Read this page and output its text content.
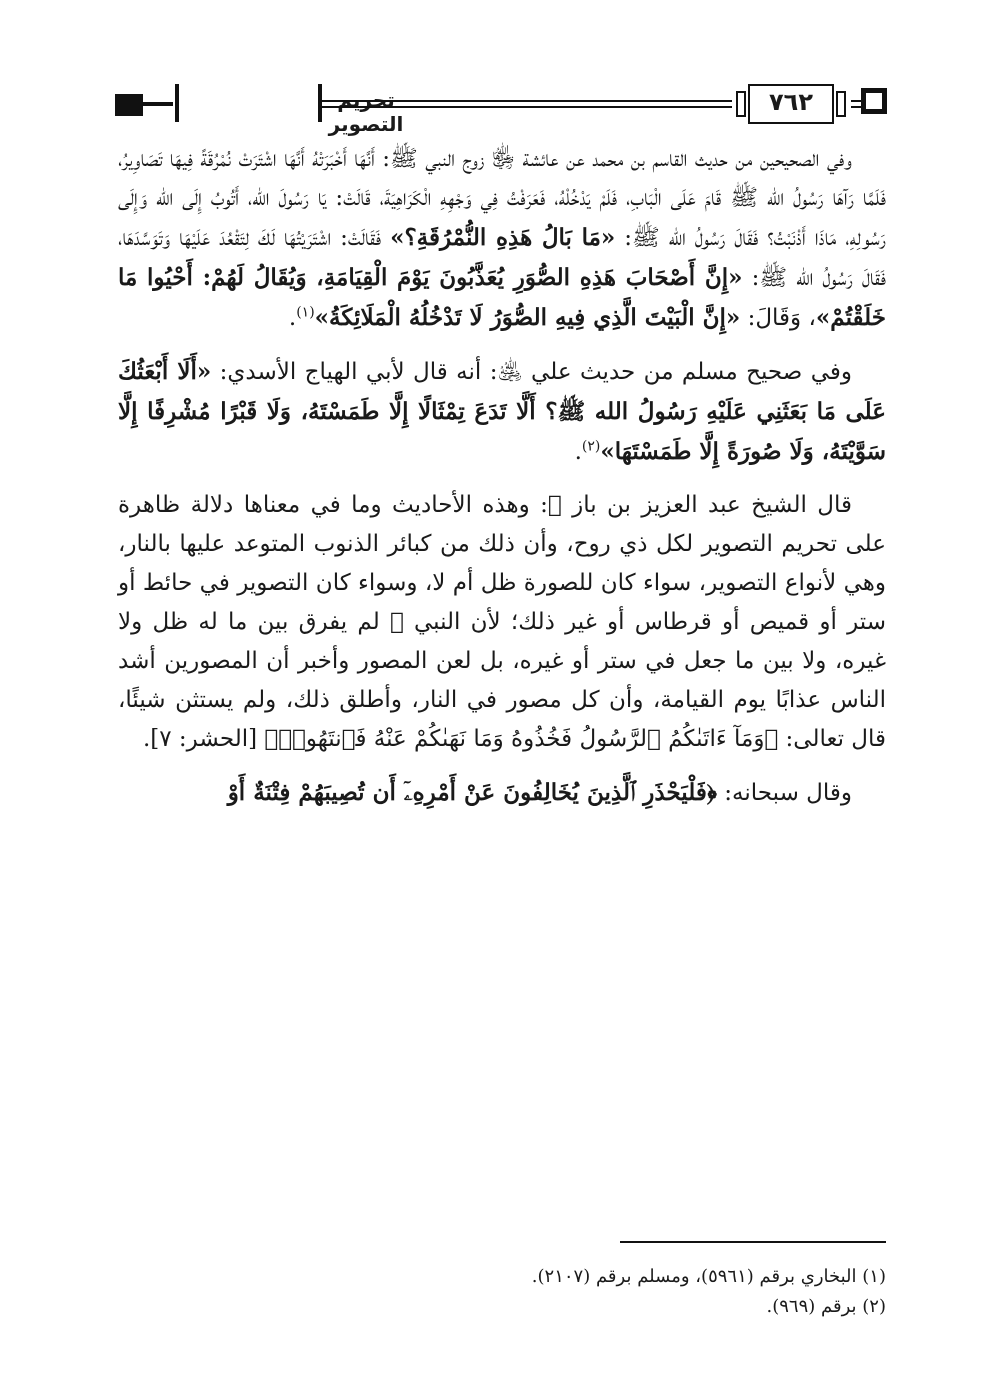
تحريم التصوير
٧٦٢

وفي الصحيحين من حديث القاسم بن محمد عن عائشة ﵂ زوج النبي ﷺ: أَنَّهَا أَخْبَرَتْهُ أَنَّهَا اشْتَرَتْ نُمْرُقَةً فِيهَا تَصَاوِيرُ، فَلَمَّا رَآهَا رَسُولُ الله ﷺ قَامَ عَلَى الْبَابِ، فَلَمْ يَدْخُلْهُ، فَعَرَفْتُ فِي وَجْهِهِ الْكَرَاهِيَةَ، قَالَتْ: يَا رَسُولَ الله، أَتُوبُ إِلَى الله وَإِلَى رَسُولِهِ، مَاذَا أَذْنَبْتُ؟ فَقَالَ رَسُولُ الله ﷺ: «مَا بَالُ هَذِهِ النُّمْرُقَةِ؟» فَقَالَتْ: اشْتَرَيْتُهَا لَكَ لِتَقْعُدَ عَلَيْهَا وَتَوَسَّدَهَا، فَقَالَ رَسُولُ الله ﷺ: «إِنَّ أَصْحَابَ هَذِهِ الصُّوَرِ يُعَذَّبُونَ يَوْمَ الْقِيَامَةِ، وَيُقَالُ لَهُمْ: أَحْيُوا مَا خَلَقْتُمْ»، وَقَالَ: «إِنَّ الْبَيْتَ الَّذِي فِيهِ الصُّوَرُ لَا تَدْخُلُهُ الْمَلَائِكَةُ»$^{(١)}$.

وفي صحيح مسلم من حديث علي ﵁: أنه قال لأبي الهياج الأسدي: «أَلَا أَبْعَثُكَ عَلَى مَا بَعَثَنِي عَلَيْهِ رَسُولُ الله ﷺ؟ أَلَّا تَدَعَ تِمْثَالًا إِلَّا طَمَسْتَهُ، وَلَا قَبْرًا مُشْرِفًا إِلَّا سَوَّيْتَهُ، وَلَا صُورَةً إِلَّا طَمَسْتَهَا»$^{(٢)}$.

قال الشيخ عبد العزيز بن باز ﵀: وهذه الأحاديث وما في معناها دلالة ظاهرة على تحريم التصوير لكل ذي روح، وأن ذلك من كبائر الذنوب المتوعد عليها بالنار، وهي لأنواع التصوير، سواء كان للصورة ظل أم لا، وسواء كان التصوير في حائط أو ستر أو قميص أو قرطاس أو غير ذلك؛ لأن النبي ﷺ لم يفرق بين ما له ظل ولا غيره، ولا بين ما جعل في ستر أو غيره، بل لعن المصور وأخبر أن المصورين أشد الناس عذابًا يوم القيامة، وأن كل مصور في النار، وأطلق ذلك، ولم يستثن شيئًا، قال تعالى: ﴿وَمَآ ءَاتَىٰكُمُ ٱلرَّسُولُ فَخُذُوهُ وَمَا نَهَىٰكُمْ عَنْهُ فَٱنتَهُوا۟﴾ [الحشر: ٧].

وقال سبحانه: ﴿فَلْيَحْذَرِ ٱلَّذِينَ يُخَالِفُونَ عَنْ أَمْرِهِۦٓ أَن تُصِيبَهُمْ فِتْنَةٌ أَوْ

(١) البخاري برقم (٥٩٦١)، ومسلم برقم (٢١٠٧).
(٢) برقم (٩٦٩).
